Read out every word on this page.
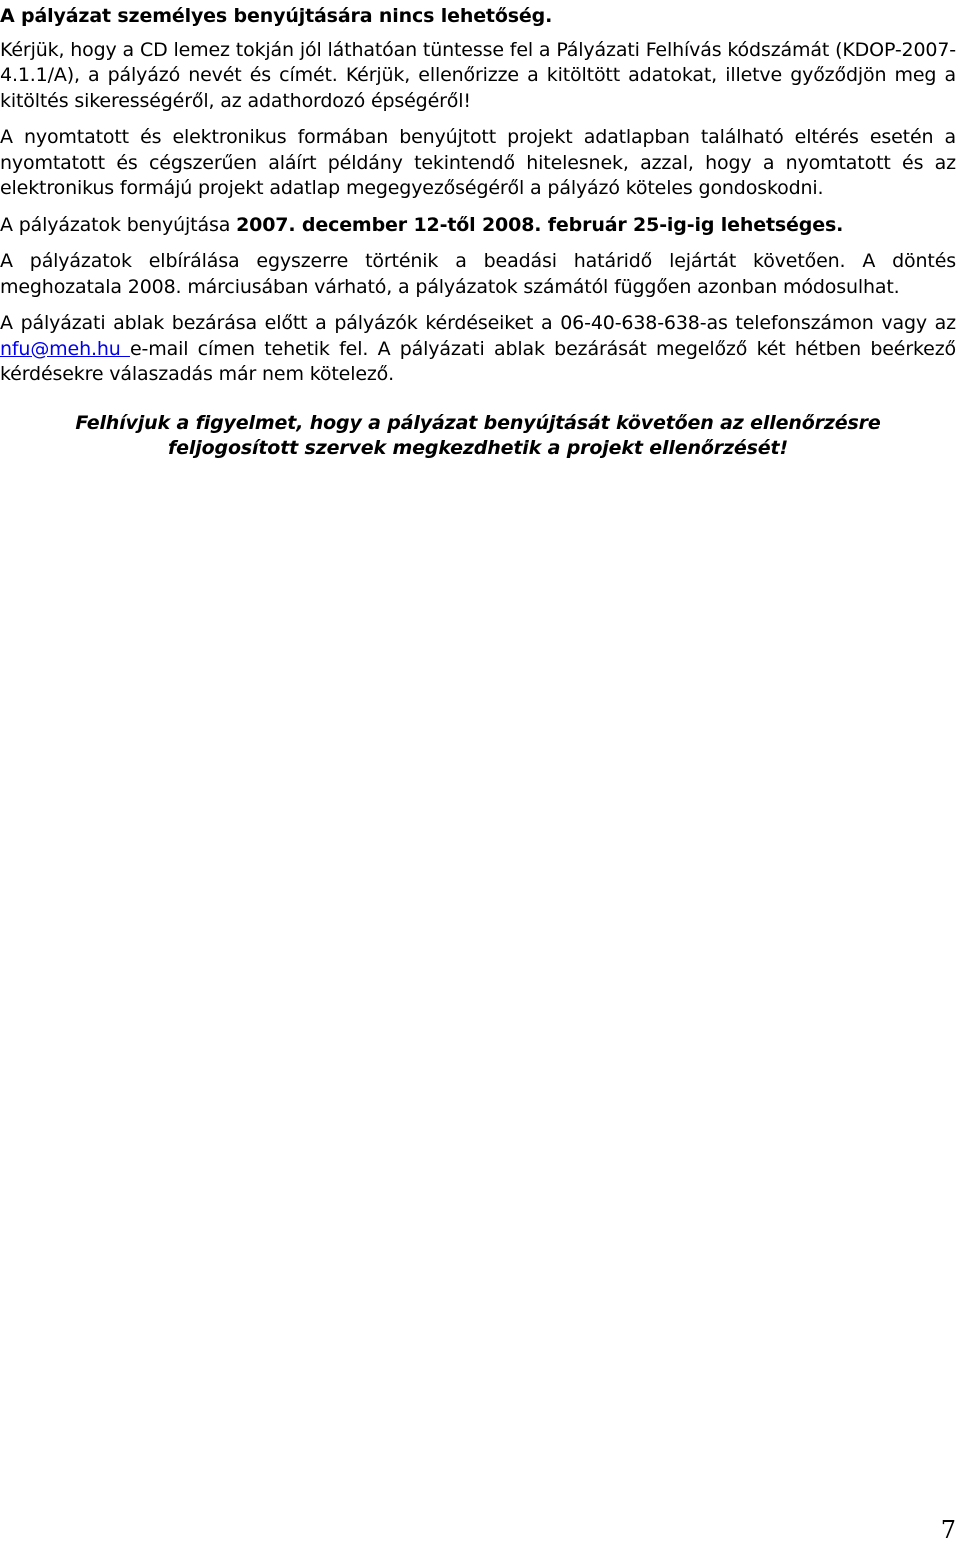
A pályázat személyes benyújtására nincs lehetőség.

Kérjük, hogy a CD lemez tokján jól láthatóan tüntesse fel a Pályázati Felhívás kódszámát (KDOP-2007-4.1.1/A), a pályázó nevét és címét. Kérjük, ellenőrizze a kitöltött adatokat, illetve győződjön meg a kitöltés sikerességéről, az adathordozó épségéről!

A nyomtatott és elektronikus formában benyújtott projekt adatlapban található eltérés esetén a nyomtatott és cégszerűen aláírt példány tekintendő hitelesnek, azzal, hogy a nyomtatott és az elektronikus formájú projekt adatlap megegyezőségéről a pályázó köteles gondoskodni.

A pályázatok benyújtása 2007. december 12-től 2008. február 25-ig-ig lehetséges.

A pályázatok elbírálása egyszerre történik a beadási határidő lejártát követően. A döntés meghozatala 2008. márciusában várható, a pályázatok számától függően azonban módosulhat.

A pályázati ablak bezárása előtt a pályázók kérdéseiket a 06-40-638-638-as telefonszámon vagy az nfu@meh.hu e-mail címen tehetik fel. A pályázati ablak bezárását megelőző két hétben beérkező kérdésekre válaszadás már nem kötelező.

Felhívjuk a figyelmet, hogy a pályázat benyújtását követően az ellenőrzésre feljogosított szervek megkezdhetik a projekt ellenőrzését!

7
